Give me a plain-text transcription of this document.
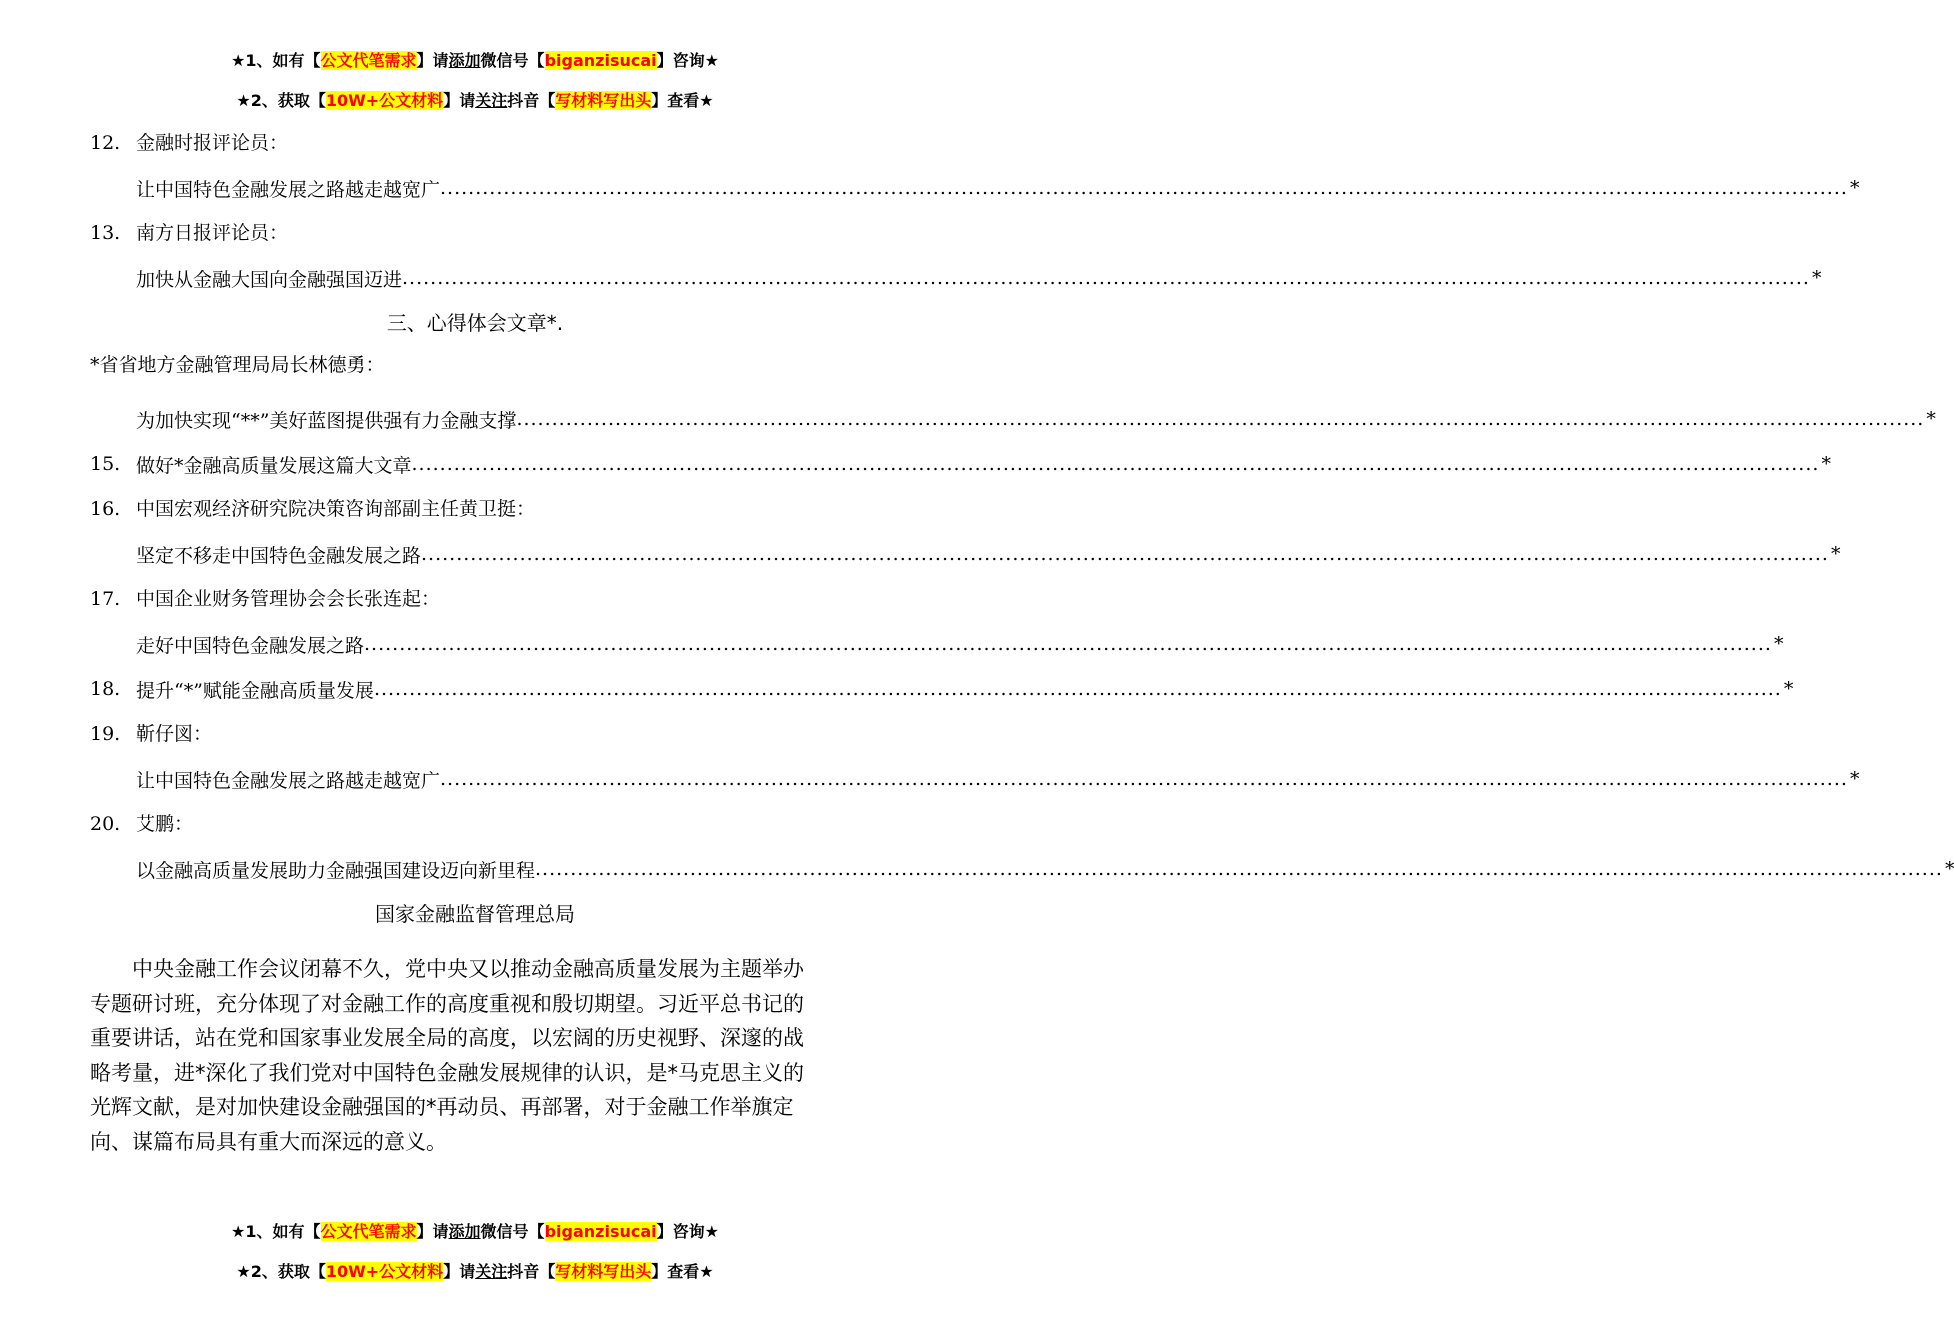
★1、如有【公文代笔需求】请添加微信号【biganzisucai】咨询★
★2、获取【10W+公文材料】请关注抖音【写材料写出头】查看★
12. 金融时报评论员：
让中国特色金融发展之路越走越宽广 ........................................................................................................................................................................................................ *
13. 南方日报评论员：
加快从金融大国向金融强国迈进 ........................................................................................................................................................................................................ *
三、心得体会文章*.
*省省地方金融管理局局长林德勇：
为加快实现“**”美好蓝图提供强有力金融支撑 ........................................................................................................................................................................................................ *
15. 做好*金融高质量发展这篇大文章 ........................................................................................................................................................................................................ *
16. 中国宏观经济研究院决策咨询部副主任黄卫挺：
坚定不移走中国特色金融发展之路 ........................................................................................................................................................................................................ *
17. 中国企业财务管理协会会长张连起：
走好中国特色金融发展之路 ........................................................................................................................................................................................................ *
18. 提升“*”赋能金融高质量发展 ........................................................................................................................................................................................................ *
19. 靳仔図：
让中国特色金融发展之路越走越宽广 ........................................................................................................................................................................................................ *
20. 艾鹏：
以金融高质量发展助力金融强国建设迈向新里程 ........................................................................................................................................................................................................ *
国家金融监督管理总局
　　中央金融工作会议闭幕不久，党中央又以推动金融高质量发展为主题举办
专题研讨班，充分体现了对金融工作的高度重视和殷切期望。习近平总书记的
重要讲话，站在党和国家事业发展全局的高度，以宏阔的历史视野、深邃的战
略考量，进*深化了我们党对中国特色金融发展规律的认识，是*马克思主义的
光辉文献，是对加快建设金融强国的*再动员、再部署，对于金融工作举旗定
向、谋篇布局具有重大而深远的意义。
★1、如有【公文代笔需求】请添加微信号【biganzisucai】咨询★
★2、获取【10W+公文材料】请关注抖音【写材料写出头】查看★
